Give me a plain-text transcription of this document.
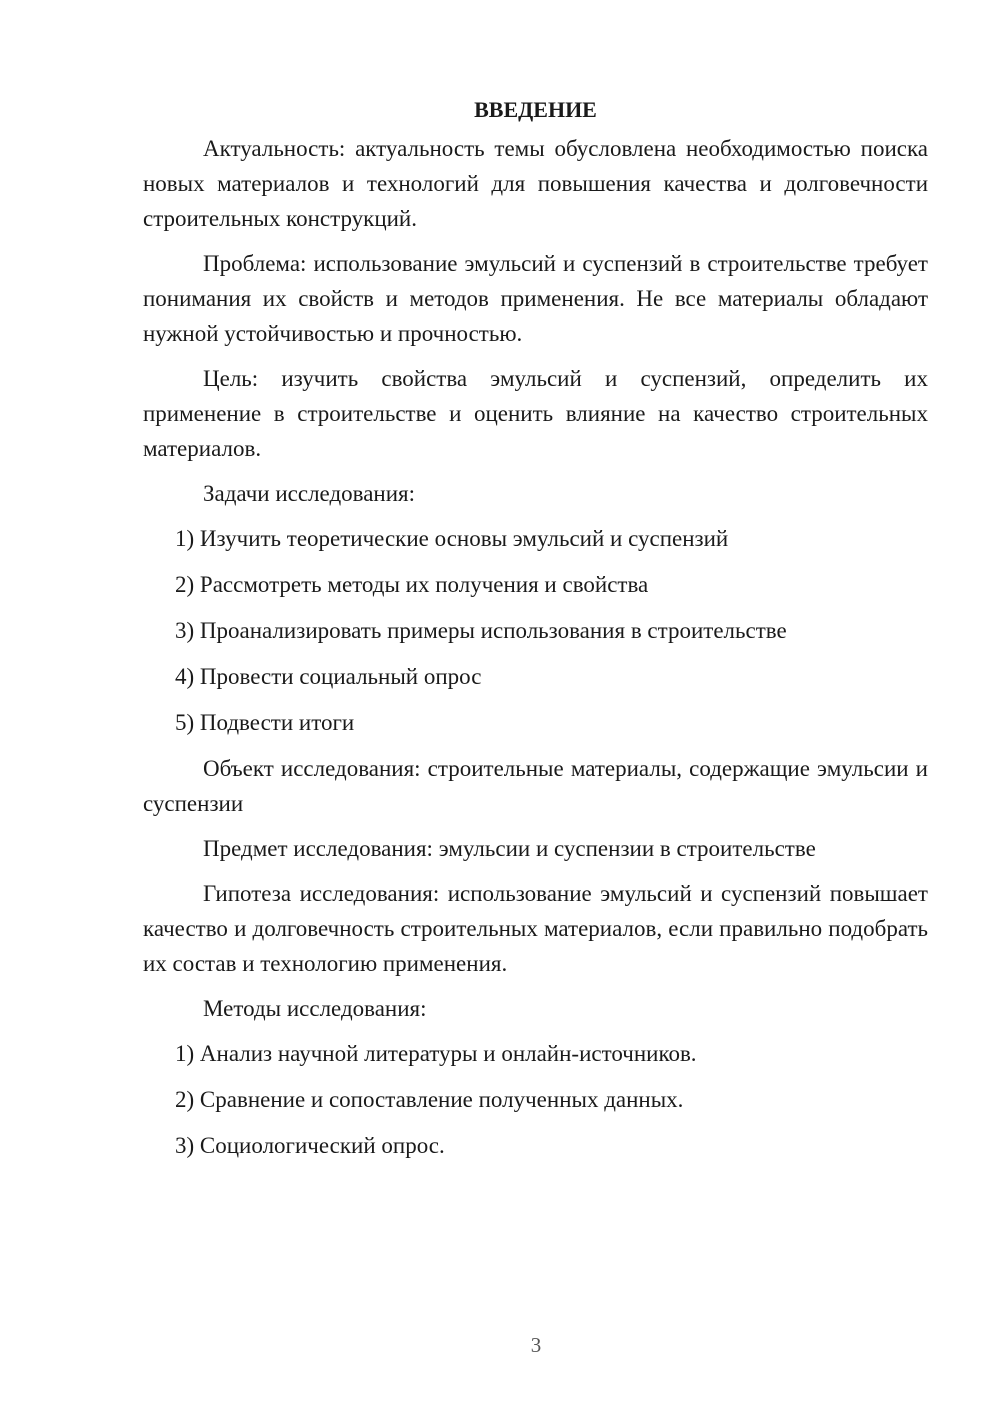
ВВЕДЕНИЕ

Актуальность: актуальность темы обусловлена необходимостью поиска новых материалов и технологий для повышения качества и долговечности строительных конструкций.

Проблема: использование эмульсий и суспензий в строительстве требует понимания их свойств и методов применения. Не все материалы обладают нужной устойчивостью и прочностью.

Цель: изучить свойства эмульсий и суспензий, определить их применение в строительстве и оценить влияние на качество строительных материалов.

Задачи исследования:

1) Изучить теоретические основы эмульсий и суспензий
2) Рассмотреть методы их получения и свойства
3) Проанализировать примеры использования в строительстве
4) Провести социальный опрос
5) Подвести итоги

Объект исследования: строительные материалы, содержащие эмульсии и суспензии

Предмет исследования: эмульсии и суспензии в строительстве

Гипотеза исследования: использование эмульсий и суспензий повышает качество и долговечность строительных материалов, если правильно подобрать их состав и технологию применения.

Методы исследования:

1) Анализ научной литературы и онлайн-источников.
2) Сравнение и сопоставление полученных данных.
3) Социологический опрос.
3
